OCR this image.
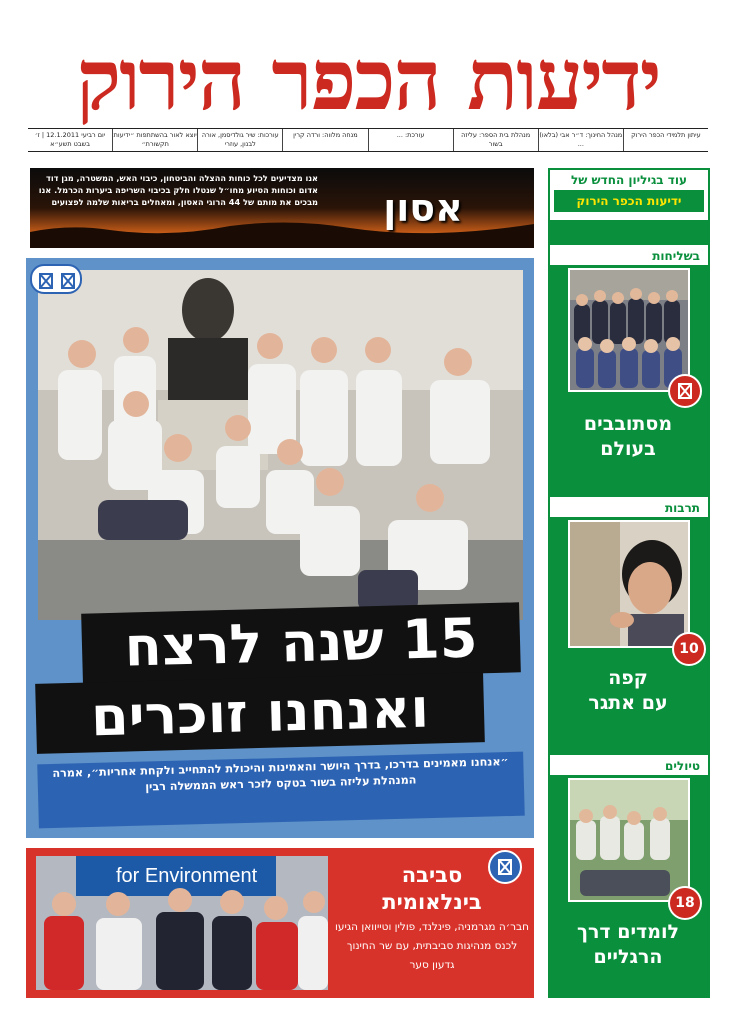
ידיעות הכפר הירוק
עיתון תלמידי הכפר הירוק
מנהל החינוך: ד״ר אבי (בלאו) ...
מנהלת בית הספר: עליזה בשור
עורכת: ...
מנחה מלווה: ורדה קרין
עורכות: שיר גולדיסמן, אורה לבנון, עוזרי
יוצא לאור בהשתתפות ״ידיעות תקשורת״
יום רביעי 12.1.2011 | ז׳ בשבט תשע״א
עוד בגיליון החדש של
ידיעות הכפר הירוק
בשליחות
מסתובבים
בעולם
תרבות
10
קפה
עם אתגר
טיולים
18
לומדים דרך
הרגליים
אסון
אנו מצדיעים לכל כוחות ההצלה והביטחון, כיבוי האש, המשטרה, מגן דוד אדום וכוחות הסיוע מחו״ל שנטלו חלק בכיבוי השריפה ביערות הכרמל. אנו מבכים את מותם של 44 הרוגי האסון, ומאחלים בריאות שלמה לפצועים
15 שנה לרצח
ואנחנו זוכרים
״אנחנו מאמינים בדרכו, בדרך היושר והאמינות והיכולת להתחייב ולקחת אחריות״, אמרה המנהלת עליזה בשור בטקס לזכר ראש הממשלה רבין
for Environment	סביבה
בינלאומית
חבר׳ה מגרמניה, פינלנד, פולין וטייוואן הגיעו לכנס מנהיגות סביבתית, עם שר החינוך גדעון סער
